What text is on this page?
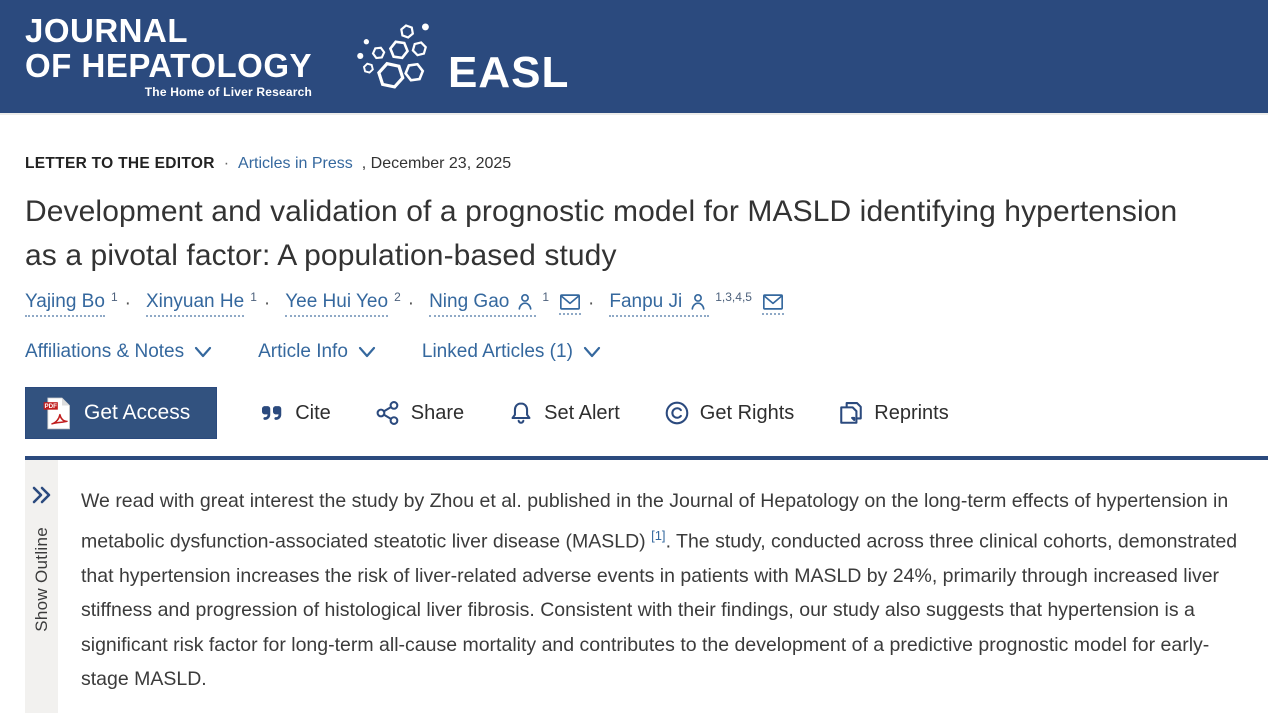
JOURNAL
OF HEPATOLOGY
The Home of Liver Research	EASL
LETTER TO THE EDITOR · Articles in Press , December 23, 2025
Development and validation of a prognostic model for MASLD identifying hypertension as a pivotal factor: A population-based study
Yajing Bo 1 · Xinyuan He 1 · Yee Hui Yeo 2 · Ning Gao	1 · Fanpu Ji	1,3,4,5
Affiliations & Notes	Article Info	Linked Articles (1)
PDF Get Access	Cite	Share	Set Alert	Get Rights	Reprints
Show Outline

We read with great interest the study by Zhou et al. published in the Journal of Hepatology on the long-term effects of hypertension in metabolic dysfunction-associated steatotic liver disease (MASLD) [1]. The study, conducted across three clinical cohorts, demonstrated that hypertension increases the risk of liver-related adverse events in patients with MASLD by 24%, primarily through increased liver stiffness and progression of histological liver fibrosis. Consistent with their findings, our study also suggests that hypertension is a significant risk factor for long-term all-cause mortality and contributes to the development of a predictive prognostic model for early-stage MASLD.
